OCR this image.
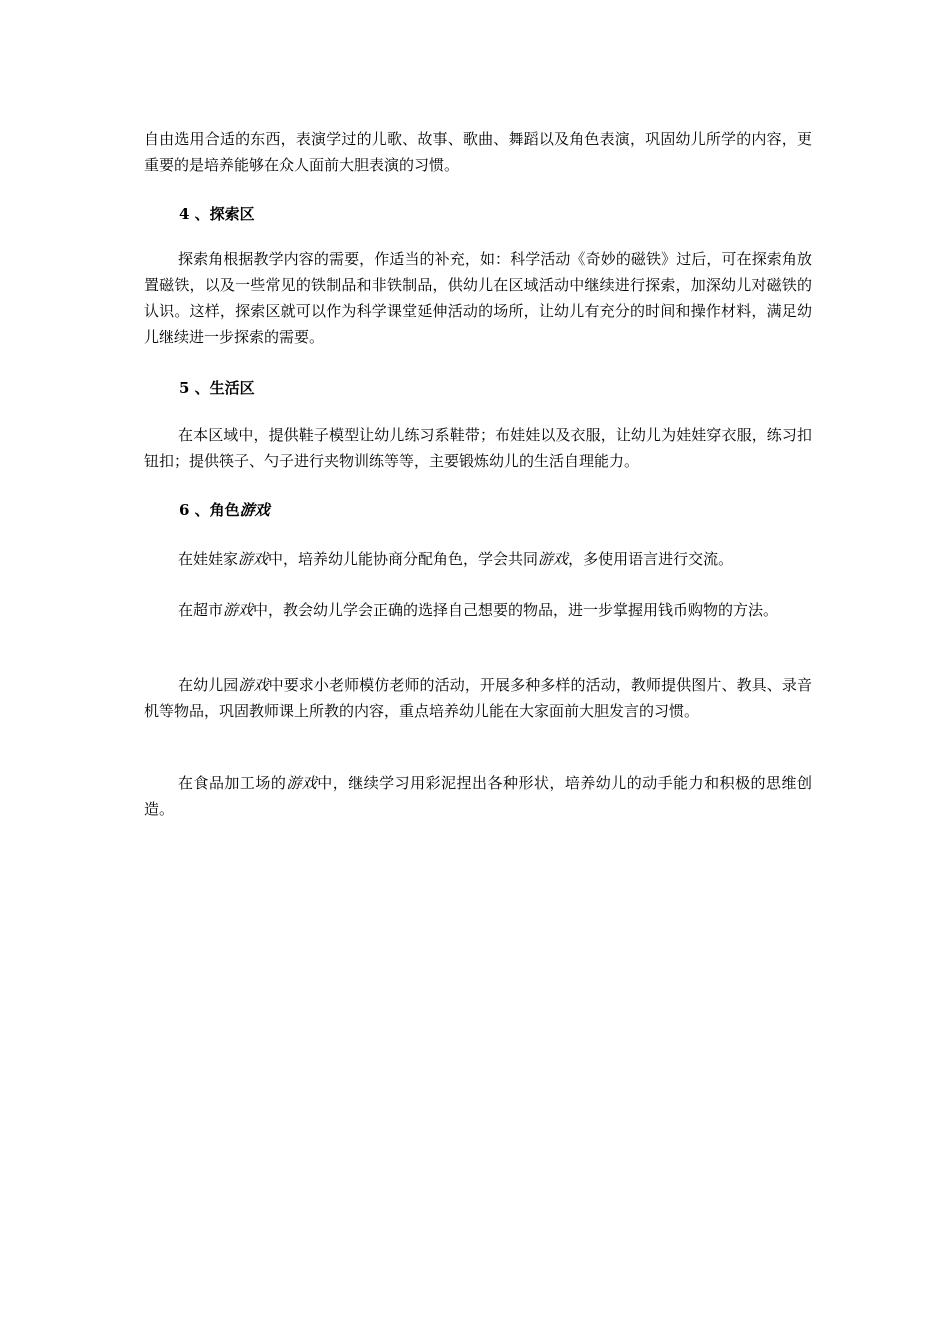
自由选用合适的东西，表演学过的儿歌、故事、歌曲、舞蹈以及角色表演，巩固幼儿所学的内容，更重要的是培养能够在众人面前大胆表演的习惯。

4 、探索区

探索角根据教学内容的需要，作适当的补充，如：科学活动《奇妙的磁铁》过后，可在探索角放置磁铁，以及一些常见的铁制品和非铁制品，供幼儿在区域活动中继续进行探索，加深幼儿对磁铁的认识。这样，探索区就可以作为科学课堂延伸活动的场所，让幼儿有充分的时间和操作材料，满足幼儿继续进一步探索的需要。

5 、生活区

在本区域中，提供鞋子模型让幼儿练习系鞋带；布娃娃以及衣服，让幼儿为娃娃穿衣服，练习扣钮扣；提供筷子、勺子进行夹物训练等等，主要锻炼幼儿的生活自理能力。

6 、角色游戏

在娃娃家游戏中，培养幼儿能协商分配角色，学会共同游戏，多使用语言进行交流。

在超市游戏中，教会幼儿学会正确的选择自己想要的物品，进一步掌握用钱币购物的方法。

在幼儿园游戏中要求小老师模仿老师的活动，开展多种多样的活动，教师提供图片、教具、录音机等物品，巩固教师课上所教的内容，重点培养幼儿能在大家面前大胆发言的习惯。

在食品加工场的游戏中，继续学习用彩泥捏出各种形状，培养幼儿的动手能力和积极的思维创造。
